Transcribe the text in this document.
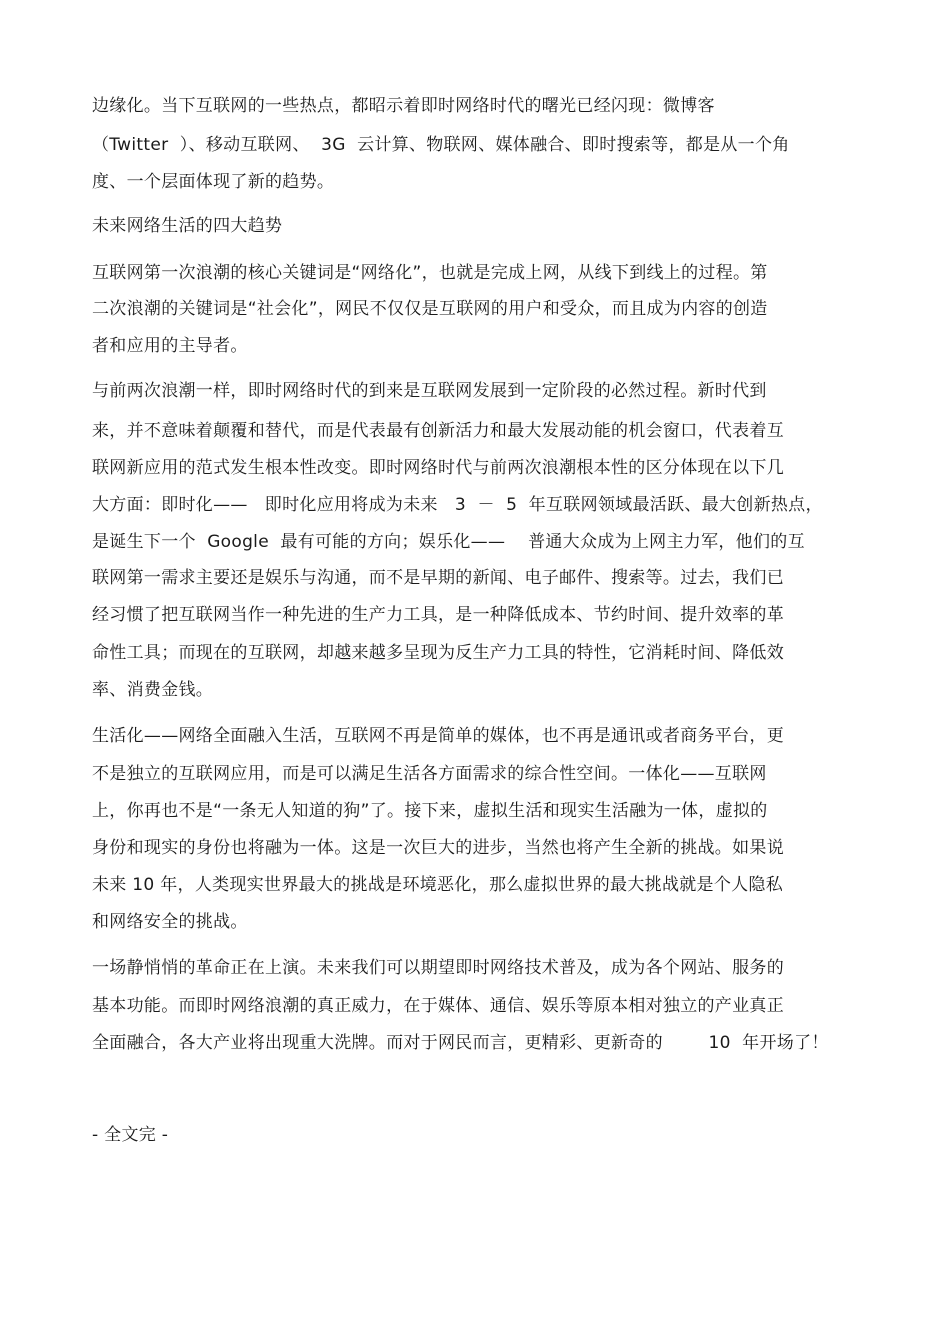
边缘化。当下互联网的一些热点，都昭示着即时网络时代的曙光已经闪现：微博客
（Twitter  ）、移动互联网、  3G  云计算、物联网、媒体融合、即时搜索等，都是从一个角
度、一个层面体现了新的趋势。
未来网络生活的四大趋势
互联网第一次浪潮的核心关键词是“网络化”，也就是完成上网，从线下到线上的过程。第
二次浪潮的关键词是“社会化”，网民不仅仅是互联网的用户和受众，而且成为内容的创造
者和应用的主导者。
与前两次浪潮一样，即时网络时代的到来是互联网发展到一定阶段的必然过程。新时代到
来，并不意味着颠覆和替代，而是代表最有创新活力和最大发展动能的机会窗口，代表着互
联网新应用的范式发生根本性改变。即时网络时代与前两次浪潮根本性的区分体现在以下几
大方面：即时化——   即时化应用将成为未来   3  －  5  年互联网领域最活跃、最大创新热点，
是诞生下一个  Google  最有可能的方向；娱乐化——    普通大众成为上网主力军，他们的互
联网第一需求主要还是娱乐与沟通，而不是早期的新闻、电子邮件、搜索等。过去，我们已
经习惯了把互联网当作一种先进的生产力工具，是一种降低成本、节约时间、提升效率的革
命性工具；而现在的互联网，却越来越多呈现为反生产力工具的特性，它消耗时间、降低效
率、消费金钱。
生活化——网络全面融入生活，互联网不再是简单的媒体，也不再是通讯或者商务平台，更
不是独立的互联网应用，而是可以满足生活各方面需求的综合性空间。一体化——互联网
上，你再也不是“一条无人知道的狗”了。接下来，虚拟生活和现实生活融为一体，虚拟的
身份和现实的身份也将融为一体。这是一次巨大的进步，当然也将产生全新的挑战。如果说
未来 10 年，人类现实世界最大的挑战是环境恶化，那么虚拟世界的最大挑战就是个人隐私
和网络安全的挑战。
一场静悄悄的革命正在上演。未来我们可以期望即时网络技术普及，成为各个网站、服务的
基本功能。而即时网络浪潮的真正威力，在于媒体、通信、娱乐等原本相对独立的产业真正
全面融合，各大产业将出现重大洗牌。而对于网民而言，更精彩、更新奇的        10  年开场了！
- 全文完 -
